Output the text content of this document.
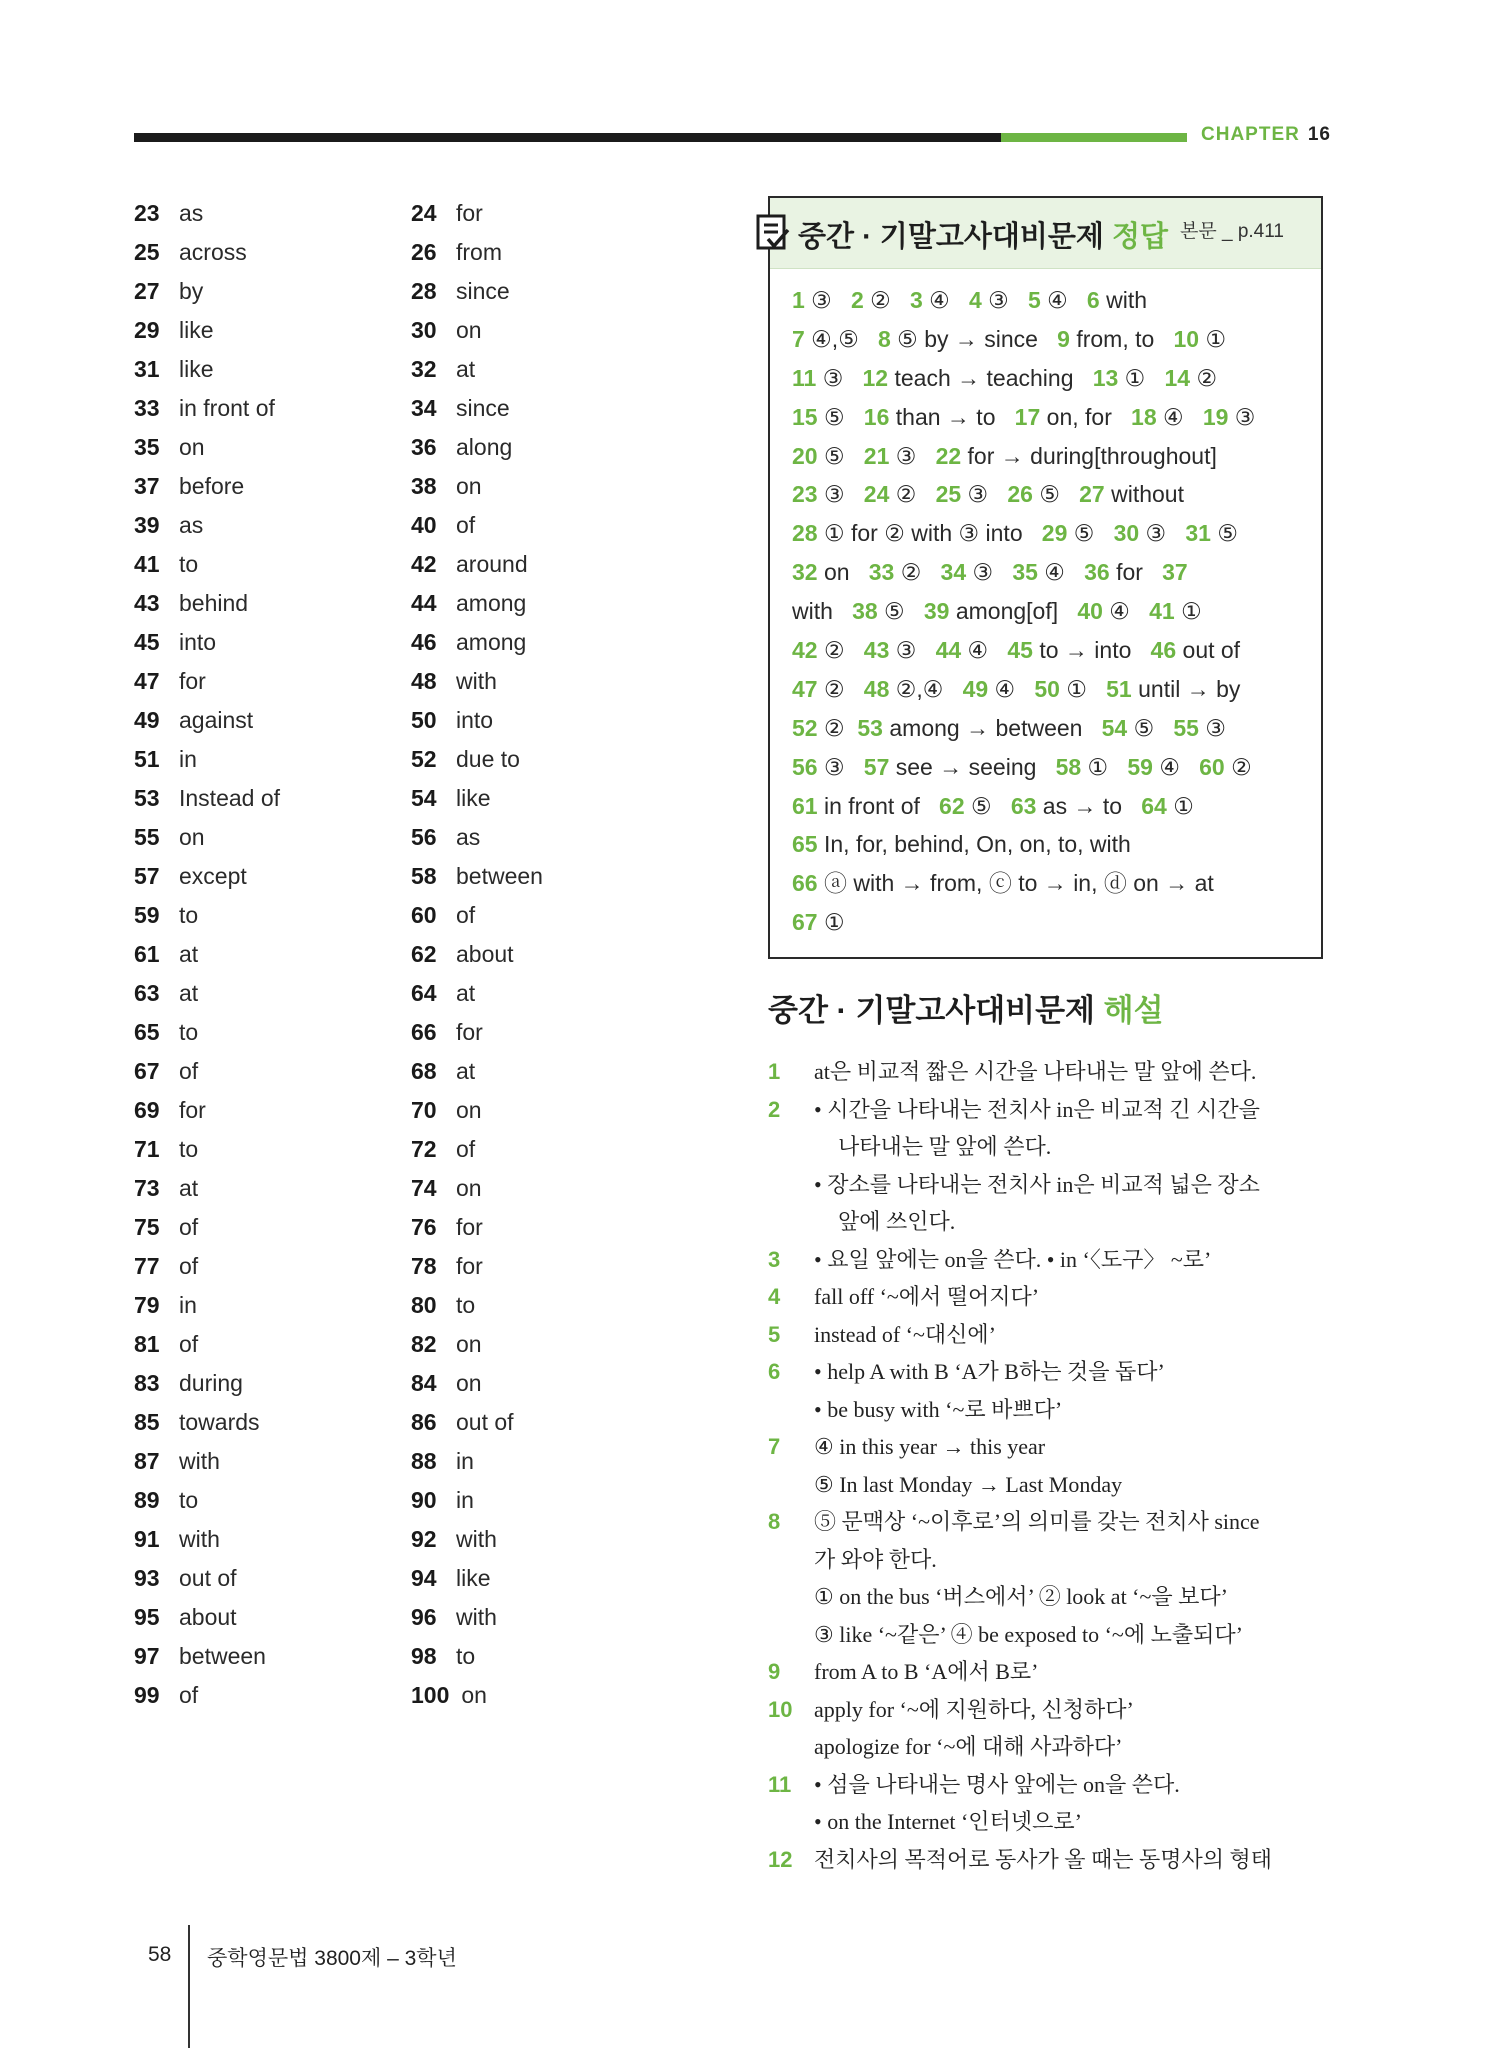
CHAPTER 16
23 as
25 across
27 by
29 like
31 like
33 in front of
35 on
37 before
39 as
41 to
43 behind
45 into
47 for
49 against
51 in
53 Instead of
55 on
57 except
59 to
61 at
63 at
65 to
67 of
69 for
71 to
73 at
75 of
77 of
79 in
81 of
83 during
85 towards
87 with
89 to
91 with
93 out of
95 about
97 between
99 of
24 for
26 from
28 since
30 on
32 at
34 since
36 along
38 on
40 of
42 around
44 among
46 among
48 with
50 into
52 due to
54 like
56 as
58 between
60 of
62 about
64 at
66 for
68 at
70 on
72 of
74 on
76 for
78 for
80 to
82 on
84 on
86 out of
88 in
90 in
92 with
94 like
96 with
98 to
100 on
중간 · 기말고사대비문제 정답 본문 _ p.411
1 ③   2 ②   3 ④   4 ③   5 ④   6 with
7 ④,⑤   8 ⑤ by → since   9 from, to   10 ①
11 ③   12 teach → teaching   13 ①   14 ②
15 ⑤   16 than → to   17 on, for   18 ④   19 ③
20 ⑤   21 ③   22 for → during[throughout]
23 ③   24 ②   25 ③   26 ⑤   27 without
28 ① for ② with ③ into   29 ⑤   30 ③   31 ⑤
32 on   33 ②   34 ③   35 ④   36 for   37
with   38 ⑤   39 among[of]   40 ④   41 ①
42 ②   43 ③   44 ④   45 to → into   46 out of
47 ②   48 ②,④   49 ④   50 ①   51 until → by
52 ②  53 among → between   54 ⑤   55 ③
56 ③   57 see → seeing   58 ①   59 ④   60 ②
61 in front of   62 ⑤   63 as → to   64 ①
65 In, for, behind, On, on, to, with
66 ⓐ with → from, ⓒ to → in, ⓓ on → at
67 ①
중간 · 기말고사대비문제 해설
1 at은 비교적 짧은 시간을 나타내는 말 앞에 쓴다.
2 • 시간을 나타내는 전치사 in은 비교적 긴 시간을
나타내는 말 앞에 쓴다.
• 장소를 나타내는 전치사 in은 비교적 넓은 장소
앞에 쓰인다.
3 • 요일 앞에는 on을 쓴다. • in ‘〈도구〉 ~로’
4 fall off ‘~에서 떨어지다’
5 instead of ‘~대신에’
6 • help A with B ‘A가 B하는 것을 돕다’
• be busy with ‘~로 바쁘다’
7 ④ in this year → this year
⑤ In last Monday → Last Monday
8 ⑤ 문맥상 ‘~이후로’의 의미를 갖는 전치사 since
가 와야 한다.
① on the bus ‘버스에서’ ② look at ‘~을 보다’
③ like ‘~같은’ ④ be exposed to ‘~에 노출되다’
9 from A to B ‘A에서 B로’
10 apply for ‘~에 지원하다, 신청하다’
apologize for ‘~에 대해 사과하다’
11 • 섬을 나타내는 명사 앞에는 on을 쓴다.
• on the Internet ‘인터넷으로’
12 전치사의 목적어로 동사가 올 때는 동명사의 형태
58 중학영문법 3800제 – 3학년
